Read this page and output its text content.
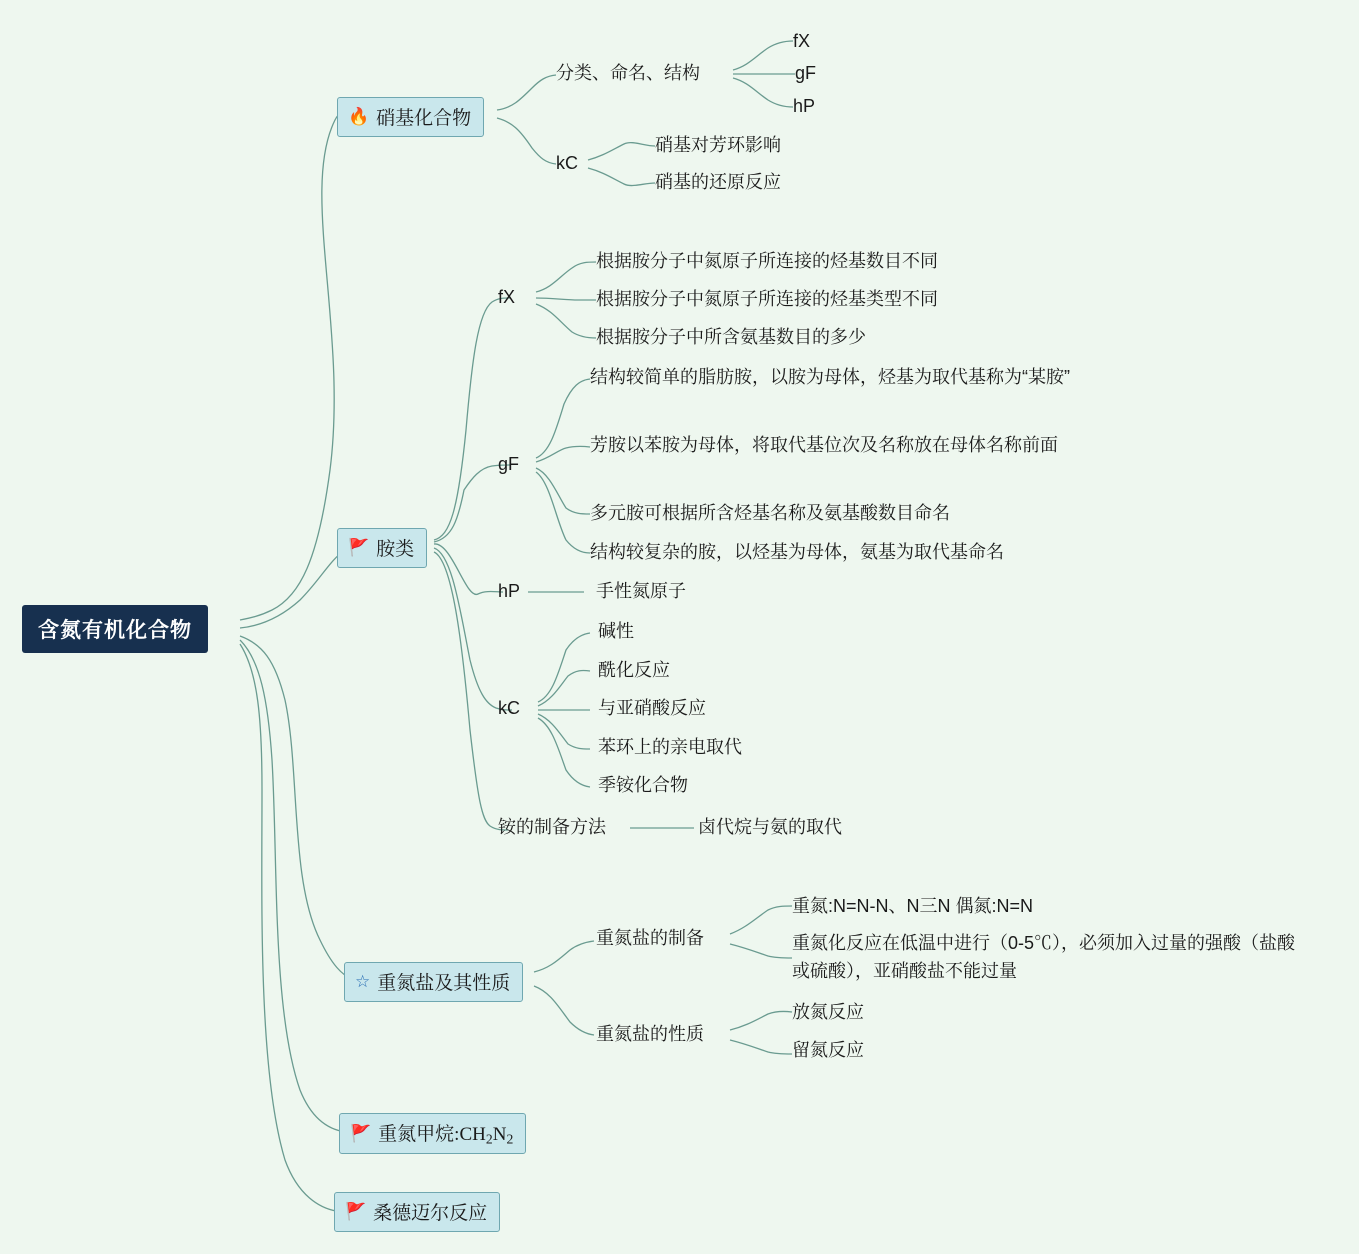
含氮有机化合物
🔥 硝基化合物
分类、命名、结构
fX
gF
hP
kC
硝基对芳环影响
硝基的还原反应
🚩 胺类
fX
根据胺分子中氮原子所连接的烃基数目不同
根据胺分子中氮原子所连接的烃基类型不同
根据胺分子中所含氨基数目的多少
gF
结构较简单的脂肪胺，以胺为母体，烃基为取代基称为“某胺”
芳胺以苯胺为母体，将取代基位次及名称放在母体名称前面
多元胺可根据所含烃基名称及氨基酸数目命名
结构较复杂的胺，以烃基为母体，氨基为取代基命名
hP	手性氮原子
kC
碱性
酰化反应
与亚硝酸反应
苯环上的亲电取代
季铵化合物
铵的制备方法	卤代烷与氨的取代
☆ 重氮盐及其性质
重氮盐的制备
重氮:N=N-N、N三N 偶氮:N=N
重氮化反应在低温中进行（0-5℃），必须加入过量的强酸（盐酸或硫酸），亚硝酸盐不能过量
重氮盐的性质
放氮反应
留氮反应
🚩 重氮甲烷$:CH_2N_2$
🚩 桑德迈尔反应
